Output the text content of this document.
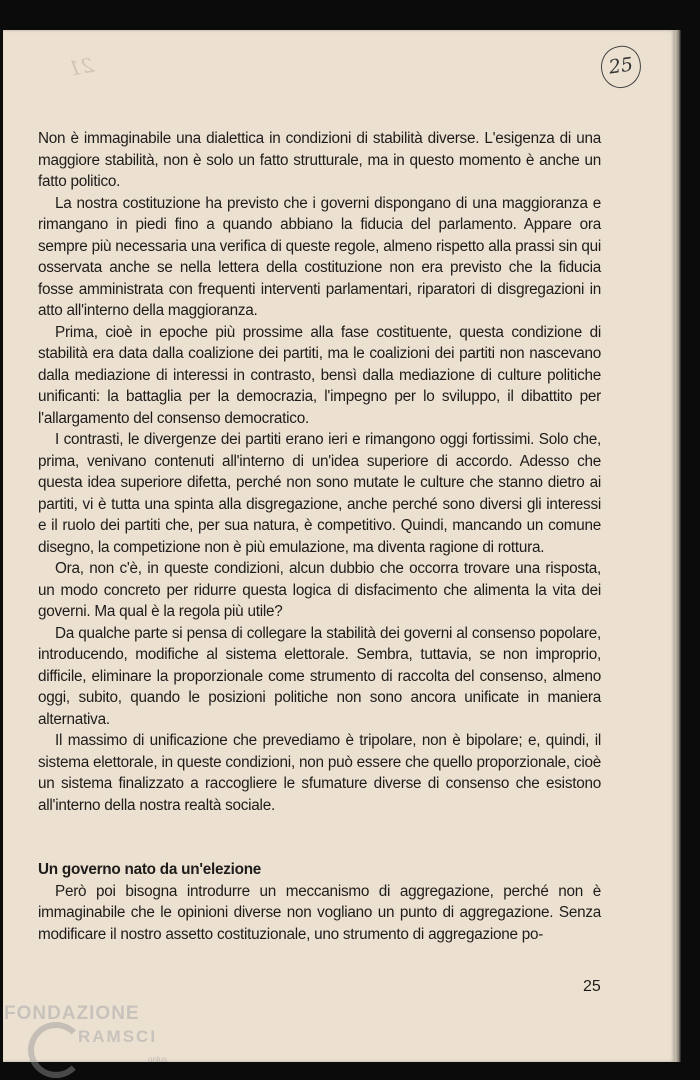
21	25

Non è immaginabile una dialettica in condizioni di stabilità diverse. L'esigenza di una maggiore stabilità, non è solo un fatto strutturale, ma in questo momento è anche un fatto politico.

La nostra costituzione ha previsto che i governi dispongano di una maggioranza e rimangano in piedi fino a quando abbiano la fiducia del parlamento. Appare ora sempre più necessaria una verifica di queste regole, almeno rispetto alla prassi sin qui osservata anche se nella lettera della costituzione non era previsto che la fiducia fosse amministrata con frequenti interventi parlamentari, riparatori di disgregazioni in atto all'interno della maggioranza.

Prima, cioè in epoche più prossime alla fase costituente, questa condizione di stabilità era data dalla coalizione dei partiti, ma le coalizioni dei partiti non nascevano dalla mediazione di interessi in contrasto, bensì dalla mediazione di culture politiche unificanti: la battaglia per la democrazia, l'impegno per lo sviluppo, il dibattito per l'allargamento del consenso democratico.

I contrasti, le divergenze dei partiti erano ieri e rimangono oggi fortissimi. Solo che, prima, venivano contenuti all'interno di un'idea superiore di accordo. Adesso che questa idea superiore difetta, perché non sono mutate le culture che stanno dietro ai partiti, vi è tutta una spinta alla disgregazione, anche perché sono diversi gli interessi e il ruolo dei partiti che, per sua natura, è competitivo. Quindi, mancando un comune disegno, la competizione non è più emulazione, ma diventa ragione di rottura.

Ora, non c'è, in queste condizioni, alcun dubbio che occorra trovare una risposta, un modo concreto per ridurre questa logica di disfacimento che alimenta la vita dei governi. Ma qual è la regola più utile?

Da qualche parte si pensa di collegare la stabilità dei governi al consenso popolare, introducendo, modifiche al sistema elettorale. Sembra, tuttavia, se non improprio, difficile, eliminare la proporzionale come strumento di raccolta del consenso, almeno oggi, subito, quando le posizioni politiche non sono ancora unificate in maniera alternativa.

Il massimo di unificazione che prevediamo è tripolare, non è bipolare; e, quindi, il sistema elettorale, in queste condizioni, non può essere che quello proporzionale, cioè un sistema finalizzato a raccogliere le sfumature diverse di consenso che esistono all'interno della nostra realtà sociale.

Un governo nato da un'elezione

Però poi bisogna introdurre un meccanismo di aggregazione, perché non è immaginabile che le opinioni diverse non vogliano un punto di aggregazione. Senza modificare il nostro assetto costituzionale, uno strumento di aggregazione po-

25
FONDAZIONE
RAMSCI
onlus
